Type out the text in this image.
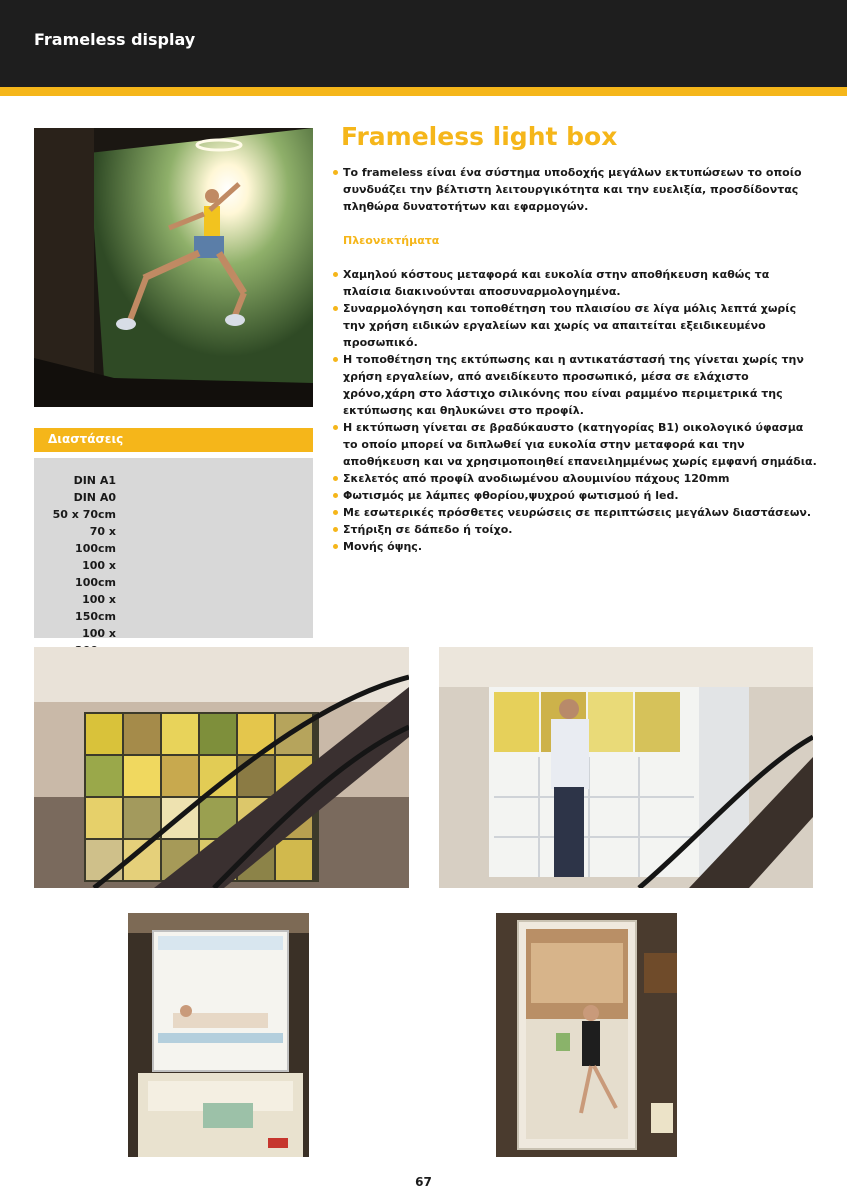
Frameless display
Διαστάσεις
DIN A1
DIN A0
50 x 70cm
70 x 100cm
100 x 100cm
100 x 150cm
100 x
Frameless light box
Το frameless είναι ένα σύστημα υποδοχής μεγάλων εκτυπώσεων το οποίο συνδυάζει την βέλτιστη λειτουργικότητα και την ευελιξία, προσδίδοντας πληθώρα δυνατοτήτων και εφαρμογών.
Πλεονεκτήματα
Χαμηλού κόστους μεταφορά και ευκολία στην αποθήκευση καθώς τα πλαίσια διακινούνται αποσυναρμολογημένα.
Συναρμολόγηση και τοποθέτηση του πλαισίου σε λίγα μόλις λεπτά χωρίς την χρήση ειδικών εργαλείων και χωρίς να απαιτείται εξειδικευμένο προσωπικό.
Η τοποθέτηση της εκτύπωσης και η αντικατάστασή της γίνεται χωρίς την χρήση εργαλείων, από ανειδίκευτο προσωπικό, μέσα σε ελάχιστο χρόνο,χάρη στο λάστιχο σιλικόνης που είναι ραμμένο περιμετρικά της εκτύπωσης και θηλυκώνει στο προφίλ.
Η εκτύπωση γίνεται σε βραδύκαυστο (κατηγορίας Β1) οικολογικό ύφασμα το οποίο μπορεί να διπλωθεί για ευκολία στην μεταφορά και την αποθήκευση και να χρησιμοποιηθεί επανειλημμένως χωρίς εμφανή σημάδια.
Σκελετός από προφίλ ανοδιωμένου αλουμινίου πάχους 120mm
Φωτισμός με λάμπες φθορίου,ψυχρού φωτισμού ή led.
Με εσωτερικές πρόσθετες νευρώσεις σε περιπτώσεις μεγάλων διαστάσεων.
Στήριξη σε δάπεδο ή τοίχο.
Μονής όψης.
67
